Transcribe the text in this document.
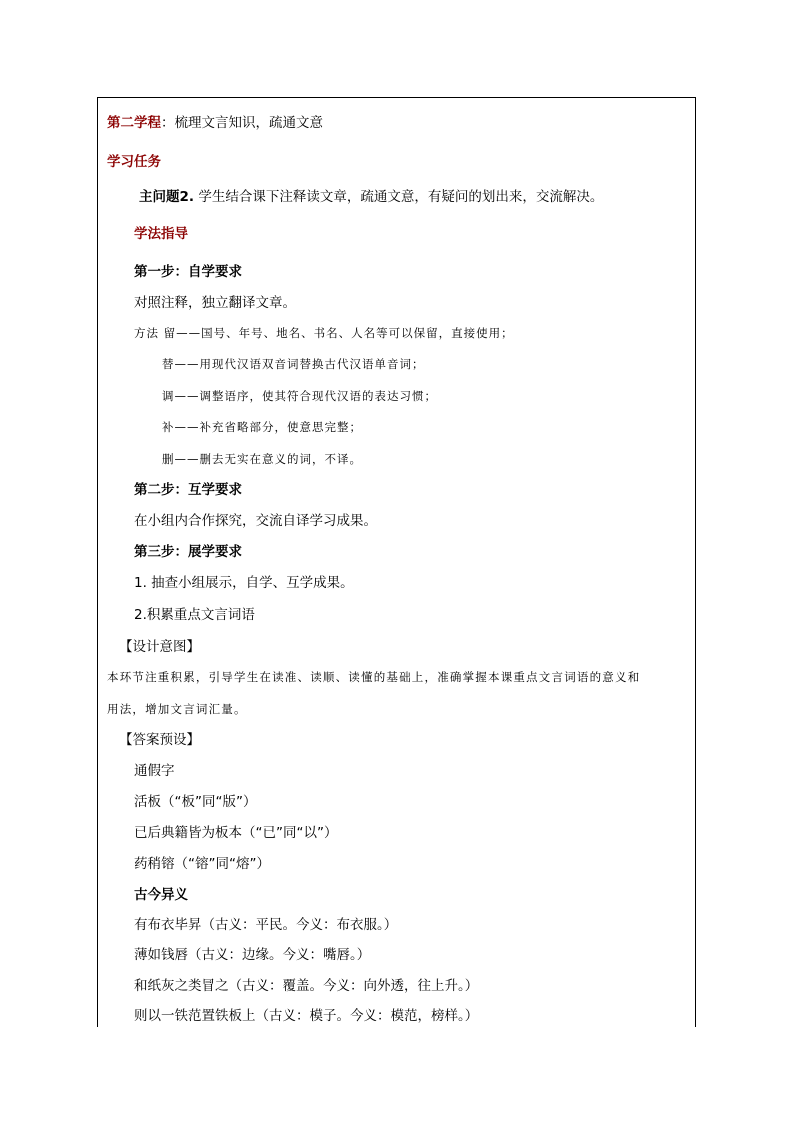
第二学程：梳理文言知识，疏通文意
学习任务
主问题2. 学生结合课下注释读文章，疏通文意，有疑问的划出来，交流解决。
学法指导
第一步：自学要求
对照注释，独立翻译文章。
方法 留——国号、年号、地名、书名、人名等可以保留，直接使用；
替——用现代汉语双音词替换古代汉语单音词；
调——调整语序，使其符合现代汉语的表达习惯；
补——补充省略部分，使意思完整；
删——删去无实在意义的词，不译。
第二步：互学要求
在小组内合作探究，交流自译学习成果。
第三步：展学要求
1. 抽查小组展示，自学、互学成果。
2.积累重点文言词语
【设计意图】
本环节注重积累，引导学生在读准、读顺、读懂的基础上，准确掌握本课重点文言词语的意义和
用法，增加文言词汇量。
【答案预设】
通假字
活板（“板”同“版”）
已后典籍皆为板本（“已”同“以”）
药稍镕（“镕”同“熔”）
古今异义
有布衣毕昇（古义：平民。今义：布衣服。）
薄如钱唇（古义：边缘。今义：嘴唇。）
和纸灰之类冒之（古义：覆盖。今义：向外透，往上升。）
则以一铁范置铁板上（古义：模子。今义：模范，榜样。）
